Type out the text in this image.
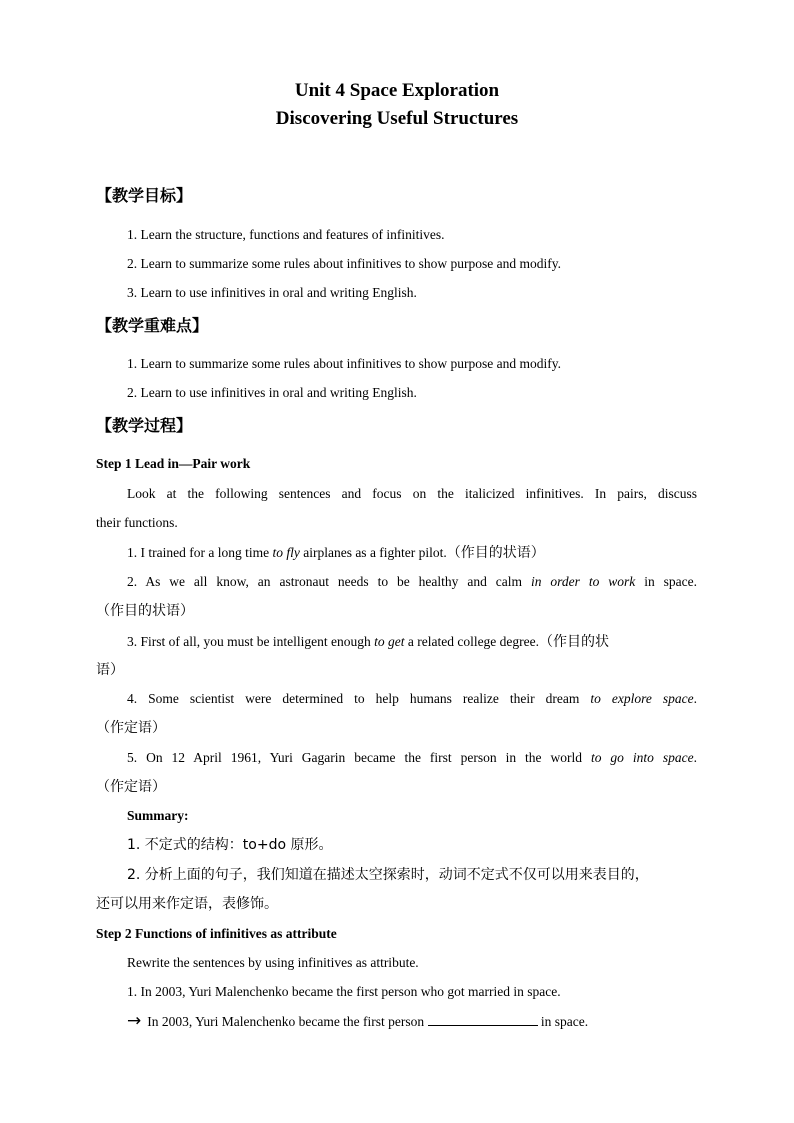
Unit 4 Space Exploration
Discovering Useful Structures
【教学目标】
1. Learn the structure, functions and features of infinitives.
2. Learn to summarize some rules about infinitives to show purpose and modify.
3. Learn to use infinitives in oral and writing English.
【教学重难点】
1. Learn to summarize some rules about infinitives to show purpose and modify.
2. Learn to use infinitives in oral and writing English.
【教学过程】
Step 1 Lead in—Pair work
Look at the following sentences and focus on the italicized infinitives. In pairs, discuss
their functions.
1. I trained for a long time to fly airplanes as a fighter pilot.（作目的状语）
2. As we all know, an astronaut needs to be healthy and calm in order to work in space.
（作目的状语）
3. First of all, you must be intelligent enough to get a related college degree.（作目的状
语）
4. Some scientist were determined to help humans realize their dream to explore space.
（作定语）
5. On 12 April 1961, Yuri Gagarin became the first person in the world to go into space.
（作定语）
Summary:
1. 不定式的结构：to+do 原形。
2. 分析上面的句子，我们知道在描述太空探索时，动词不定式不仅可以用来表目的，
还可以用来作定语，表修饰。
Step 2 Functions of infinitives as attribute
Rewrite the sentences by using infinitives as attribute.
1. In 2003, Yuri Malenchenko became the first person who got married in space.
→ In 2003, Yuri Malenchenko became the first person	in space.
